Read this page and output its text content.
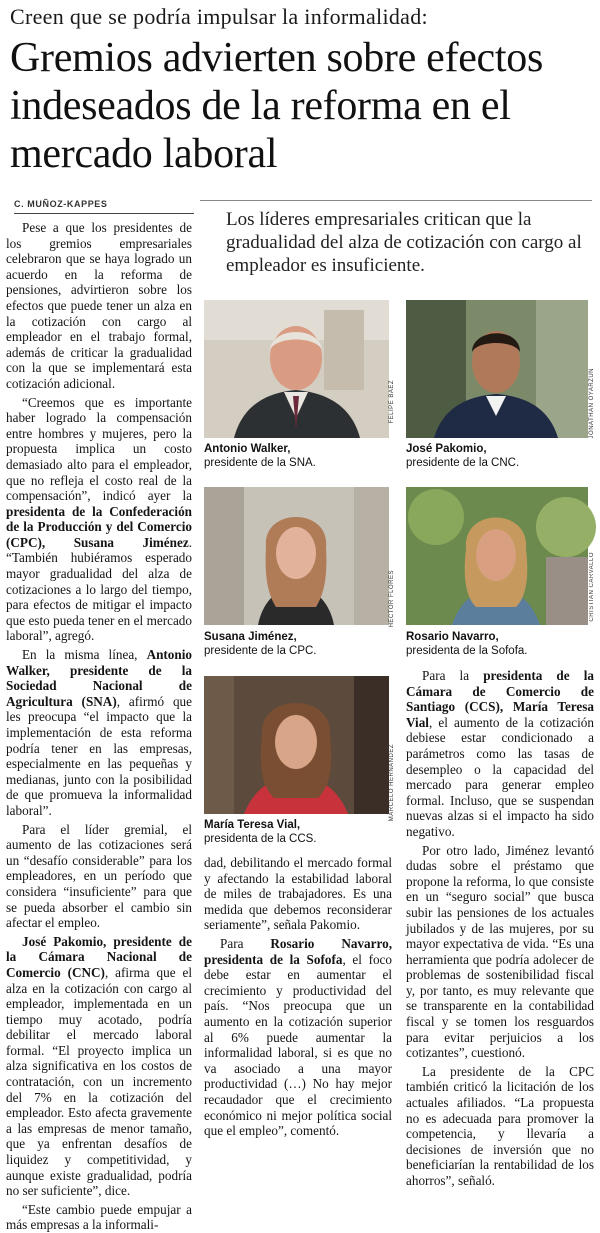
Creen que se podría impulsar la informalidad:
Gremios advierten sobre efectos indeseados de la reforma en el mercado laboral
C. MUÑOZ-KAPPES
Los líderes empresariales critican que la gradualidad del alza de cotización con cargo al empleador es insuficiente.

Pese a que los presidentes de los gremios empresariales celebraron que se haya logrado un acuerdo en la reforma de pensiones, advirtieron sobre los efectos que puede tener un alza en la cotización con cargo al empleador en el trabajo formal, además de criticar la gradualidad con la que se implementará esta cotización adicional.

“Creemos que es importante haber logrado la compensación entre hombres y mujeres, pero la propuesta implica un costo demasiado alto para el empleador, que no refleja el costo real de la compensación”, indicó ayer la presidenta de la Confederación de la Producción y del Comercio (CPC), Susana Jiménez. “También hubiéramos esperado mayor gradualidad del alza de cotizaciones a lo largo del tiempo, para efectos de mitigar el impacto que esto pueda tener en el mercado laboral”, agregó.

En la misma línea, Antonio Walker, presidente de la Sociedad Nacional de Agricultura (SNA), afirmó que les preocupa “el impacto que la implementación de esta reforma podría tener en las empresas, especialmente en las pequeñas y medianas, junto con la posibilidad de que promueva la informalidad laboral”.

Para el líder gremial, el aumento de las cotizaciones será un “desafío considerable” para los empleadores, en un período que considera “insuficiente” para que se pueda absorber el cambio sin afectar el empleo.

José Pakomio, presidente de la Cámara Nacional de Comercio (CNC), afirma que el alza en la cotización con cargo al empleador, implementada en un tiempo muy acotado, podría debilitar el mercado laboral formal. “El proyecto implica un alza significativa en los costos de contratación, con un incremento del 7% en la cotización del empleador. Esto afecta gravemente a las empresas de menor tamaño, que ya enfrentan desafíos de liquidez y competitividad, y aunque existe gradualidad, podría no ser suficiente”, dice.

“Este cambio puede empujar a más empresas a la informali-

dad, debilitando el mercado formal y afectando la estabilidad laboral de miles de trabajadores. Es una medida que debemos reconsiderar seriamente”, señala Pakomio.

Para Rosario Navarro, presidenta de la Sofofa, el foco debe estar en aumentar el crecimiento y productividad del país. “Nos preocupa que un aumento en la cotización superior al 6% puede aumentar la informalidad laboral, si es que no va asociado a una mayor productividad (…) No hay mejor recaudador que el crecimiento económico ni mejor política social que el empleo”, comentó.

Para la presidenta de la Cámara de Comercio de Santiago (CCS), María Teresa Vial, el aumento de la cotización debiese estar condicionado a parámetros como las tasas de desempleo o la capacidad del mercado para generar empleo formal. Incluso, que se suspendan nuevas alzas si el impacto ha sido negativo.

Por otro lado, Jiménez levantó dudas sobre el préstamo que propone la reforma, lo que consiste en un “seguro social” que busca subir las pensiones de los actuales jubilados y de las mujeres, por su mayor expectativa de vida. “Es una herramienta que podría adolecer de problemas de sostenibilidad fiscal y, por tanto, es muy relevante que se transparente en la contabilidad fiscal y se tomen los resguardos para evitar perjuicios a los cotizantes”, cuestionó.

La presidente de la CPC también criticó la licitación de los actuales afiliados. “La propuesta no es adecuada para promover la competencia, y llevaría a decisiones de inversión que no beneficiarían la rentabilidad de los ahorros”, señaló.

FELIPE BÁEZ
Antonio Walker,
presidente de la SNA.
JONATHAN OYARZÚN
José Pakomio,
presidente de la CNC.
HÉCTOR FLORES
Susana Jiménez,
presidente de la CPC.
CRISTIAN CARVALLO
Rosario Navarro,
presidenta de la Sofofa.
MARCELO HERNÁNDEZ
María Teresa Vial,
presidenta de la CCS.
